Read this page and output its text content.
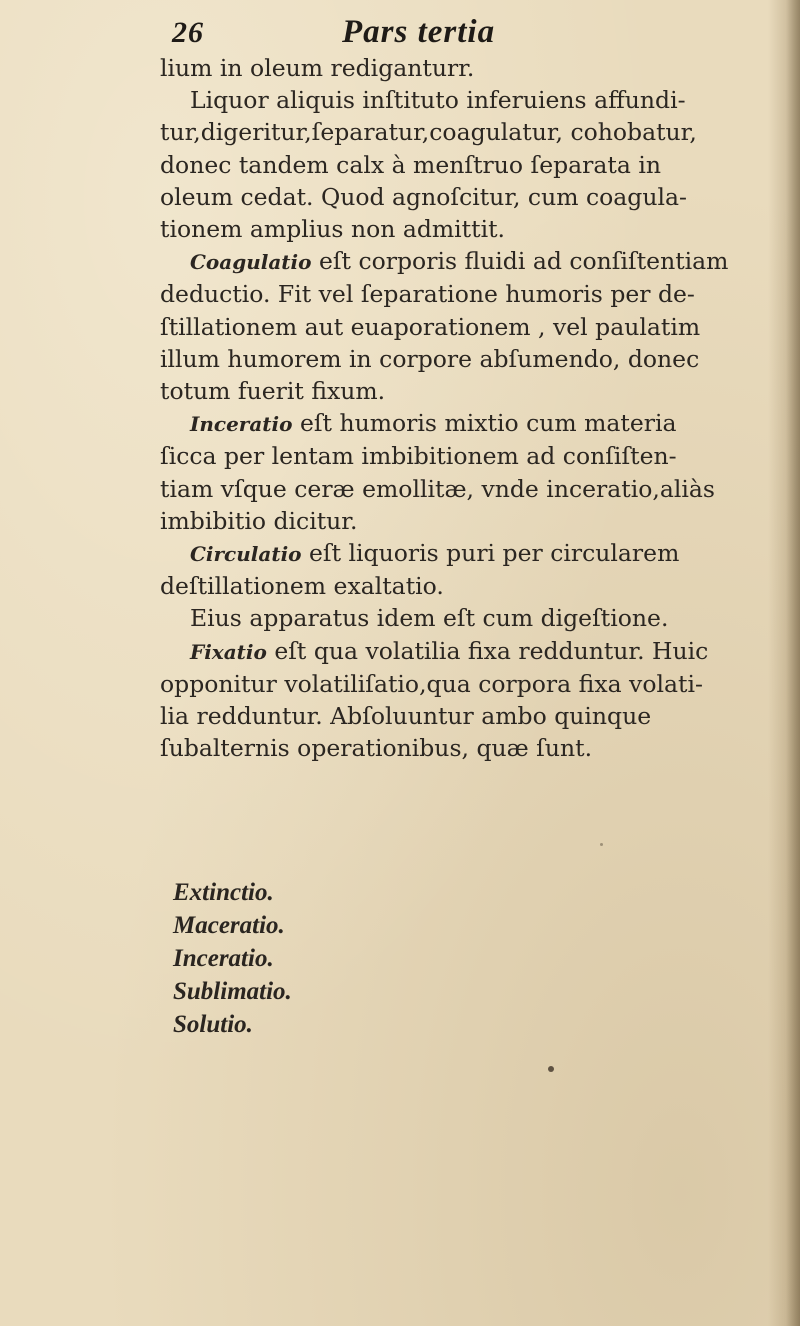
26	Pars tertia
lium in oleum rediganturr.
Liquor aliquis inſtituto inferuiens affundi-
tur,digeritur,ſeparatur,coagulatur, cohobatur,
donec tandem calx à menſtruo ſeparata in
oleum cedat. Quod agnoſcitur, cum coagula-
tionem amplius non admittit.
Coagulatio eſt corporis fluidi ad conſiſtentiam
deductio. Fit vel ſeparatione humoris per de-
ſtillationem aut euaporationem , vel paulatim
illum humorem in corpore abſumendo, donec
totum fuerit fixum.
Inceratio eſt humoris mixtio cum materia
ſicca per lentam imbibitionem ad conſiſten-
tiam vſque ceræ emollitæ, vnde inceratio,aliàs
imbibitio dicitur.
Circulatio eſt liquoris puri per circularem
deſtillationem exaltatio.
Eius apparatus idem eſt cum digeſtione.
Fixatio eſt qua volatilia fixa redduntur. Huic
opponitur volatiliſatio,qua corpora fixa volati-
lia redduntur. Abſoluuntur ambo quinque
ſubalternis operationibus, quæ ſunt.
Extinctio.
Maceratio.
Inceratio.
Sublimatio.
Solutio.
